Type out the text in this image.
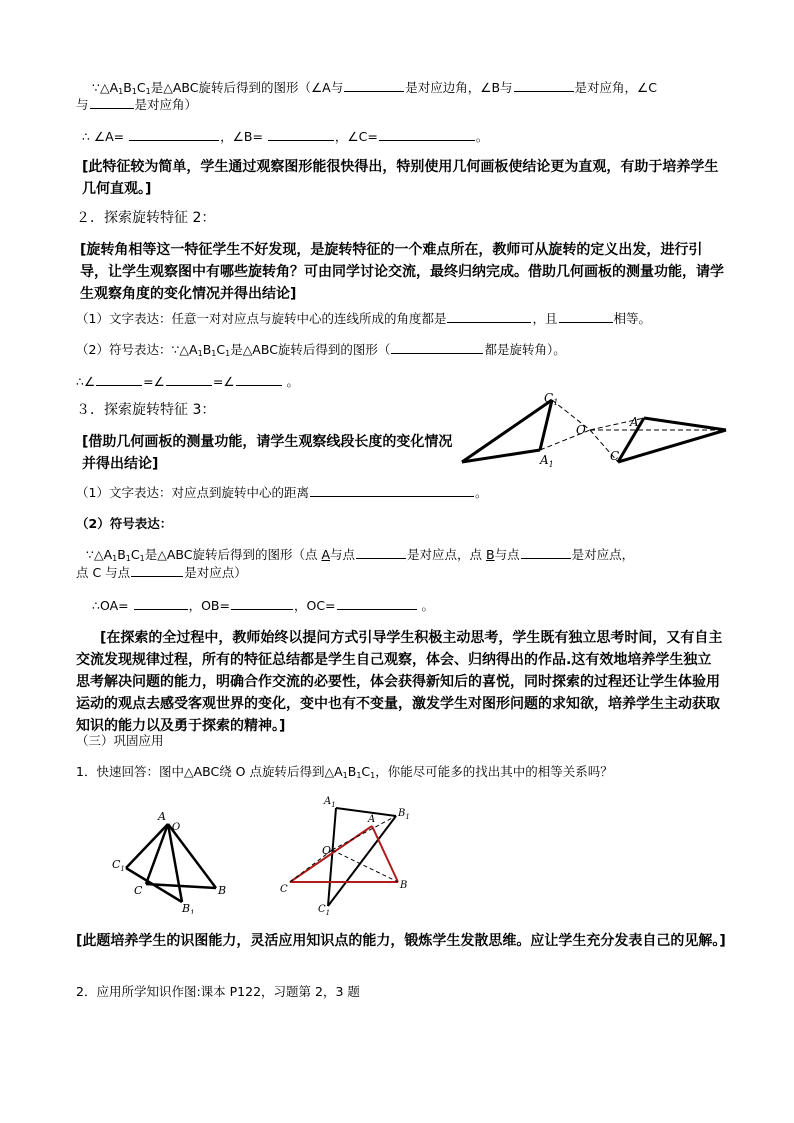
$\because\triangle A_1B_1C_1$是△ABC旋转后得到的图形（∠A与	是对应边角，∠B与	是对应角，∠C
与	是对应角）
∴ ∠A=	，∠B=	，∠C=	。
[此特征较为简单，学生通过观察图形能很快得出，特别使用几何画板使结论更为直观，有助于培养学生几何直观。]
２．探索旋转特征 2：
[旋转角相等这一特征学生不好发现，是旋转特征的一个难点所在，教师可从旋转的定义出发，进行引导，让学生观察图中有哪些旋转角？可由同学讨论交流，最终归纳完成。借助几何画板的测量功能，请学生观察角度的变化情况并得出结论]
（1）文字表达：任意一对对应点与旋转中心的连线所成的角度都是	，且	相等。
（2）符号表达：$\because\triangle A_1B_1C_1$是△ABC旋转后得到的图形（	都是旋转角）。
∴∠	=∠	=∠	。
３．探索旋转特征 3：
[借助几何画板的测量功能，请学生观察线段长度的变化情况并得出结论]
$C_1$
O
A
$A_1$
C
（1）文字表达：对应点到旋转中心的距离	。
（2）符号表达：
$\because\triangle A_1B_1C_1$是△ABC旋转后得到的图形（点 A与点	是对应点，点 B与点	是对应点，
点 C 与点	是对应点）
∴OA=	，OB=	，OC=	。
[在探索的全过程中，教师始终以提问方式引导学生积极主动思考，学生既有独立思考时间，又有自主交流发现规律过程，所有的特征总结都是学生自己观察，体会、归纳得出的作品.这有效地培养学生独立思考解决问题的能力，明确合作交流的必要性，体会获得新知后的喜悦，同时探索的过程还让学生体验用运动的观点去感受客观世界的变化，变中也有不变量，激发学生对图形问题的求知欲，培养学生主动获取知识的能力以及勇于探索的精神。]
（三）巩固应用
1．快速回答：图中△ABC绕 O 点旋转后得到$\triangle A_1B_1C_1$，你能尽可能多的找出其中的相等关系吗？
A
O
$C_1$
C	B
$B_1$
$A_1$
$B_1$
A
O
B
C
$C_1$
[此题培养学生的识图能力，灵活应用知识点的能力，锻炼学生发散思维。应让学生充分发表自己的见解。]
2．应用所学知识作图:课本 P122，习题第 2，3 题
